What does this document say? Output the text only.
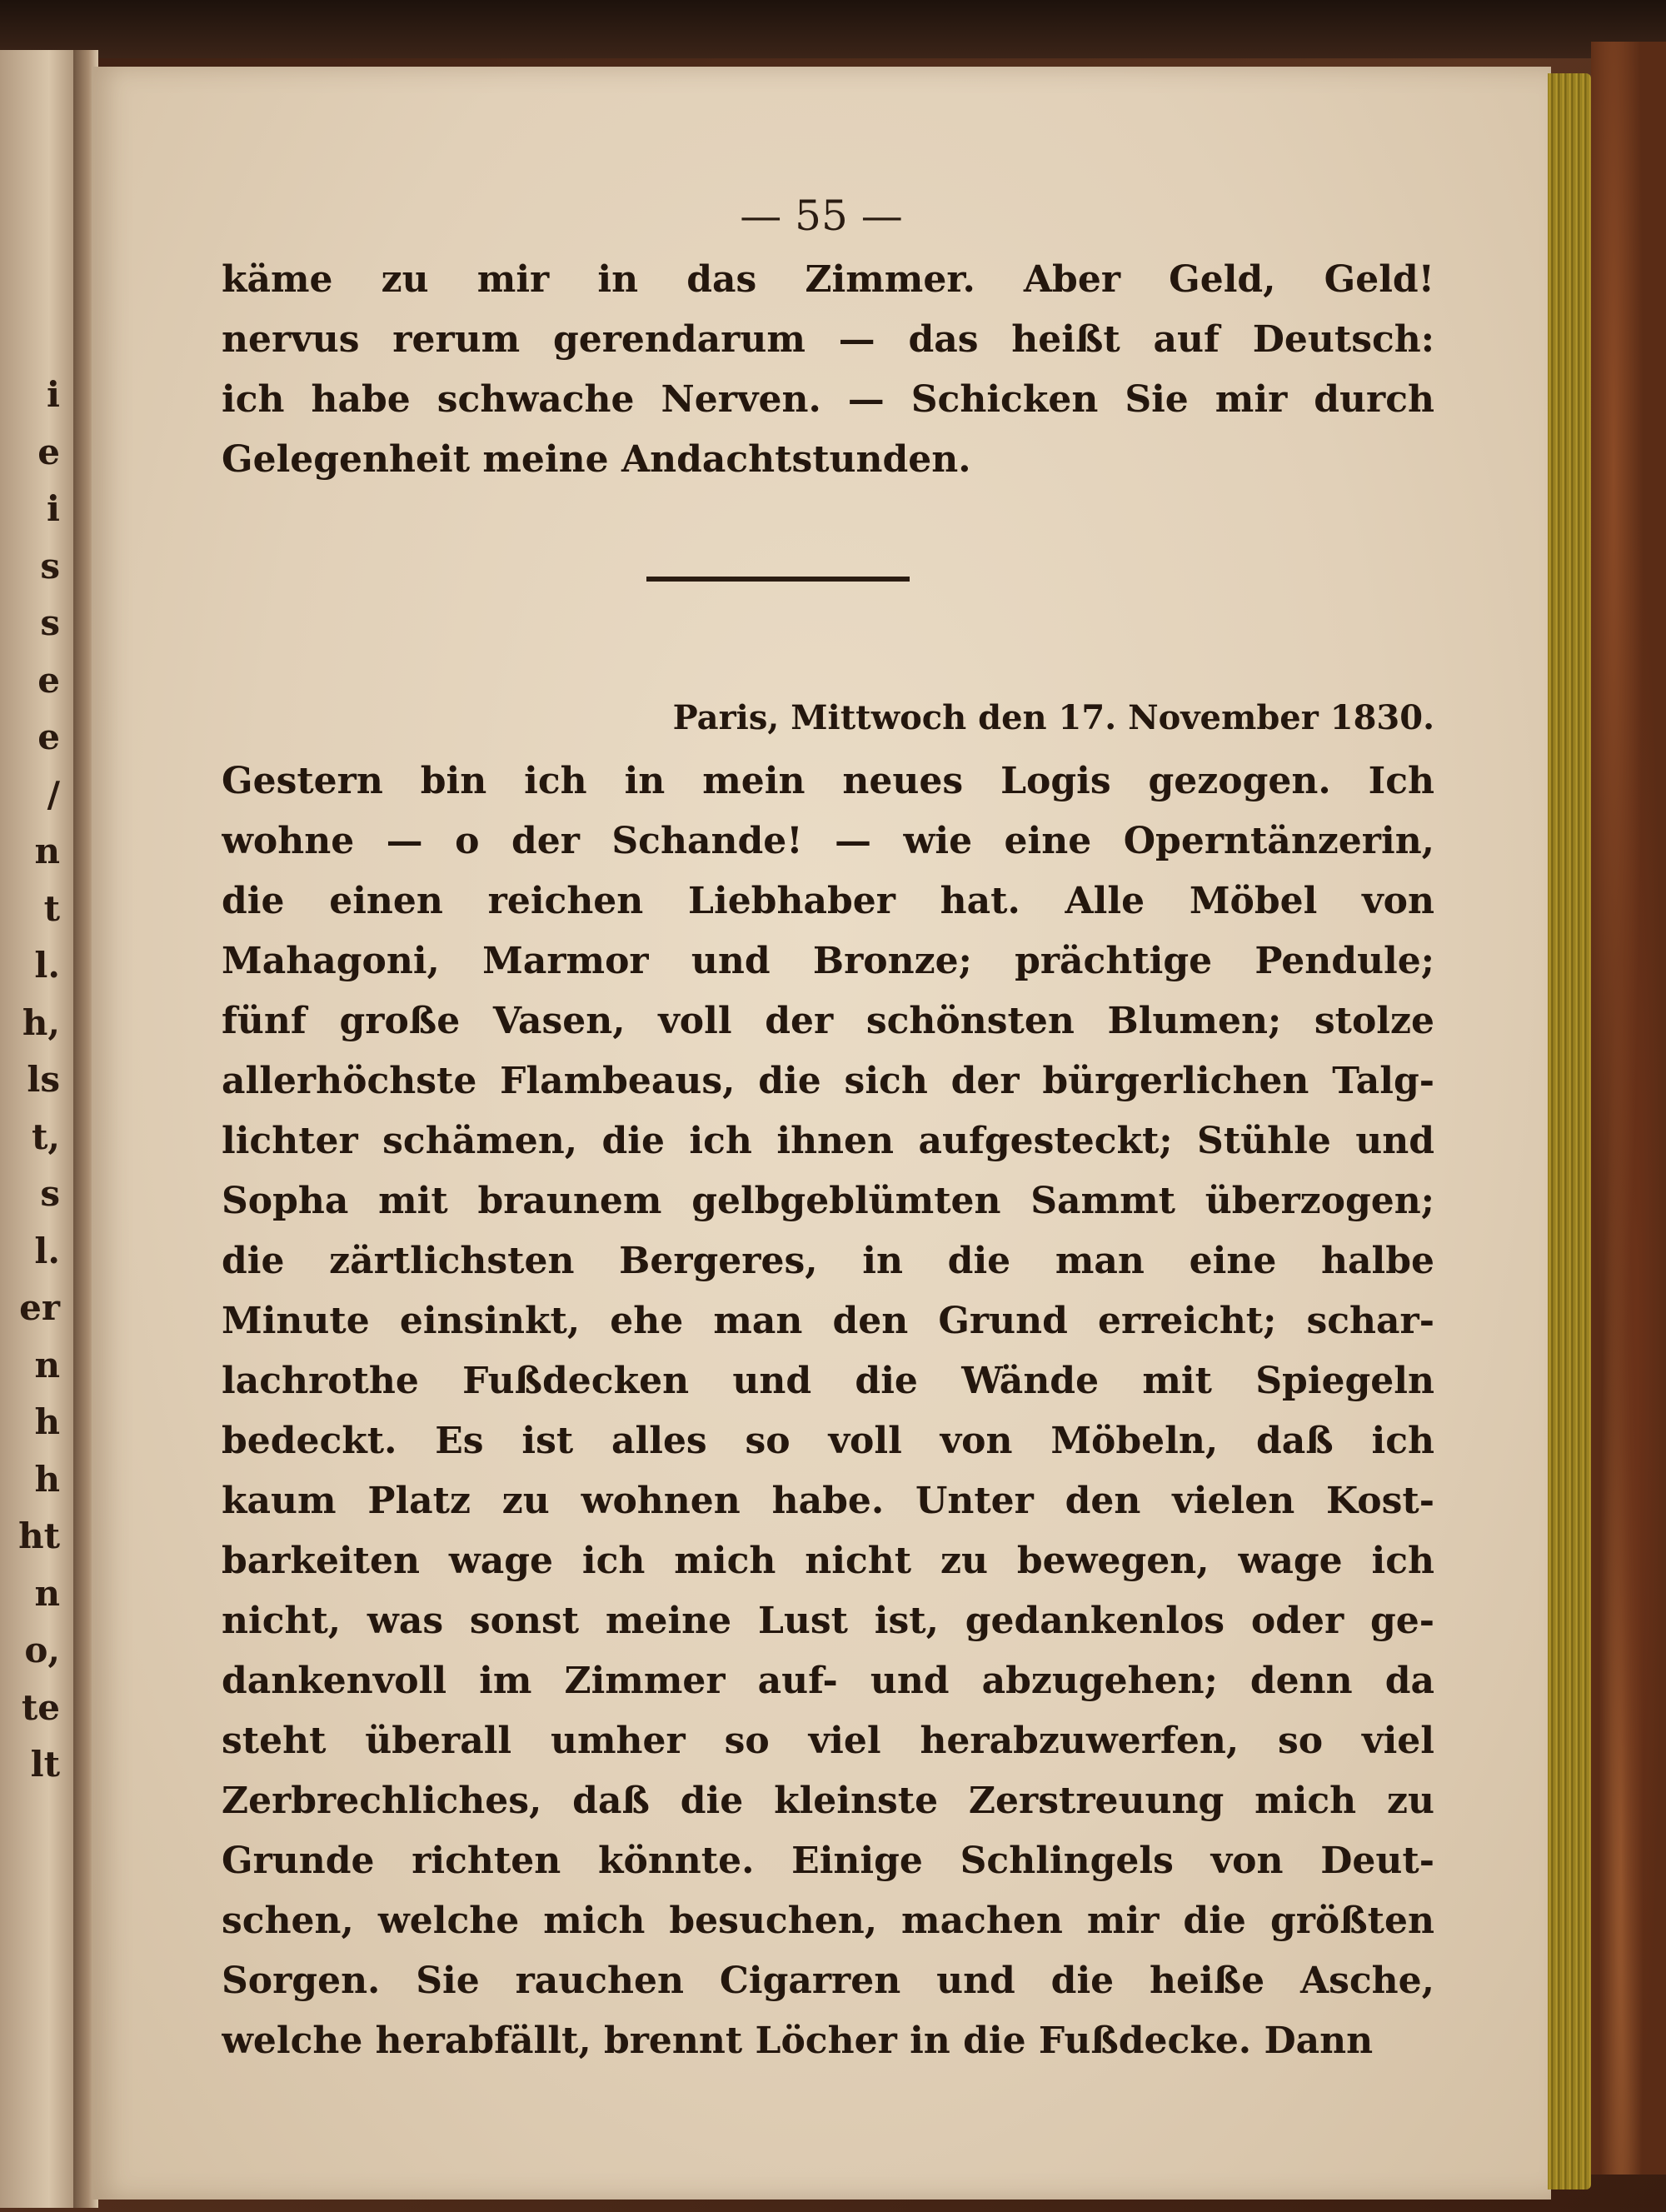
i
e
i
s
s
e
e
/
n
t
l.
h,
ls
t,
s
l.
er
n
h
h
ht
n
o,
te
lt
— 55 —
käme zu mir in das Zimmer. Aber Geld, Geld!
nervus rerum gerendarum — das heißt auf Deutsch:
ich habe schwache Nerven. — Schicken Sie mir durch
Gelegenheit meine Andachtstunden.
Paris, Mittwoch den 17. November 1830.
Gestern bin ich in mein neues Logis gezogen. Ich
wohne — o der Schande! — wie eine Operntänzerin,
die einen reichen Liebhaber hat. Alle Möbel von
Mahagoni, Marmor und Bronze; prächtige Pendule;
fünf große Vasen, voll der schönsten Blumen; stolze
allerhöchste Flambeaus, die sich der bürgerlichen Talg-
lichter schämen, die ich ihnen aufgesteckt; Stühle und
Sopha mit braunem gelbgeblümten Sammt überzogen;
die zärtlichsten Bergeres, in die man eine halbe
Minute einsinkt, ehe man den Grund erreicht; schar-
lachrothe Fußdecken und die Wände mit Spiegeln
bedeckt. Es ist alles so voll von Möbeln, daß ich
kaum Platz zu wohnen habe. Unter den vielen Kost-
barkeiten wage ich mich nicht zu bewegen, wage ich
nicht, was sonst meine Lust ist, gedankenlos oder ge-
dankenvoll im Zimmer auf- und abzugehen; denn da
steht überall umher so viel herabzuwerfen, so viel
Zerbrechliches, daß die kleinste Zerstreuung mich zu
Grunde richten könnte. Einige Schlingels von Deut-
schen, welche mich besuchen, machen mir die größten
Sorgen. Sie rauchen Cigarren und die heiße Asche,
welche herabfällt, brennt Löcher in die Fußdecke. Dann
